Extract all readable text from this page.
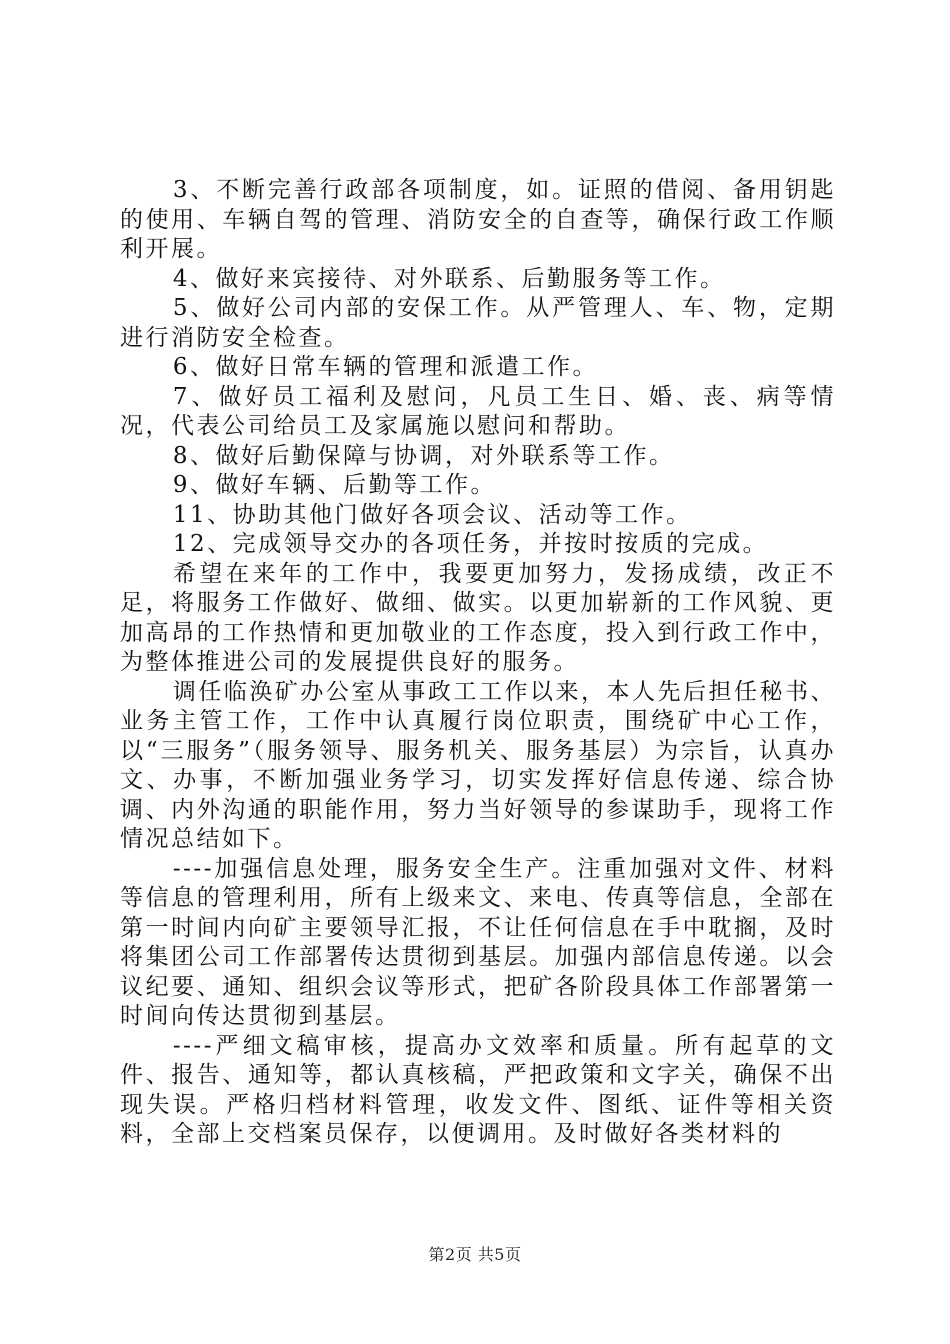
3、不断完善行政部各项制度，如。证照的借阅、备用钥匙的使用、车辆自驾的管理、消防安全的自查等，确保行政工作顺利开展。

4、做好来宾接待、对外联系、后勤服务等工作。

5、做好公司内部的安保工作。从严管理人、车、物，定期进行消防安全检查。

6、做好日常车辆的管理和派遣工作。

7、做好员工福利及慰问，凡员工生日、婚、丧、病等情况，代表公司给员工及家属施以慰问和帮助。

8、做好后勤保障与协调，对外联系等工作。

9、做好车辆、后勤等工作。

11、协助其他门做好各项会议、活动等工作。

12、完成领导交办的各项任务，并按时按质的完成。

希望在来年的工作中，我要更加努力，发扬成绩，改正不足，将服务工作做好、做细、做实。以更加崭新的工作风貌、更加高昂的工作热情和更加敬业的工作态度，投入到行政工作中，为整体推进公司的发展提供良好的服务。

调任临涣矿办公室从事政工工作以来，本人先后担任秘书、业务主管工作，工作中认真履行岗位职责，围绕矿中心工作，以“三服务”（服务领导、服务机关、服务基层）为宗旨，认真办文、办事，不断加强业务学习，切实发挥好信息传递、综合协调、内外沟通的职能作用，努力当好领导的参谋助手，现将工作情况总结如下。

----加强信息处理，服务安全生产。注重加强对文件、材料等信息的管理利用，所有上级来文、来电、传真等信息，全部在第一时间内向矿主要领导汇报，不让任何信息在手中耽搁，及时将集团公司工作部署传达贯彻到基层。加强内部信息传递。以会议纪要、通知、组织会议等形式，把矿各阶段具体工作部署第一时间向传达贯彻到基层。

----严细文稿审核，提高办文效率和质量。所有起草的文件、报告、通知等，都认真核稿，严把政策和文字关，确保不出现失误。严格归档材料管理，收发文件、图纸、证件等相关资料，全部上交档案员保存，以便调用。及时做好各类材料的

第2页 共5页
